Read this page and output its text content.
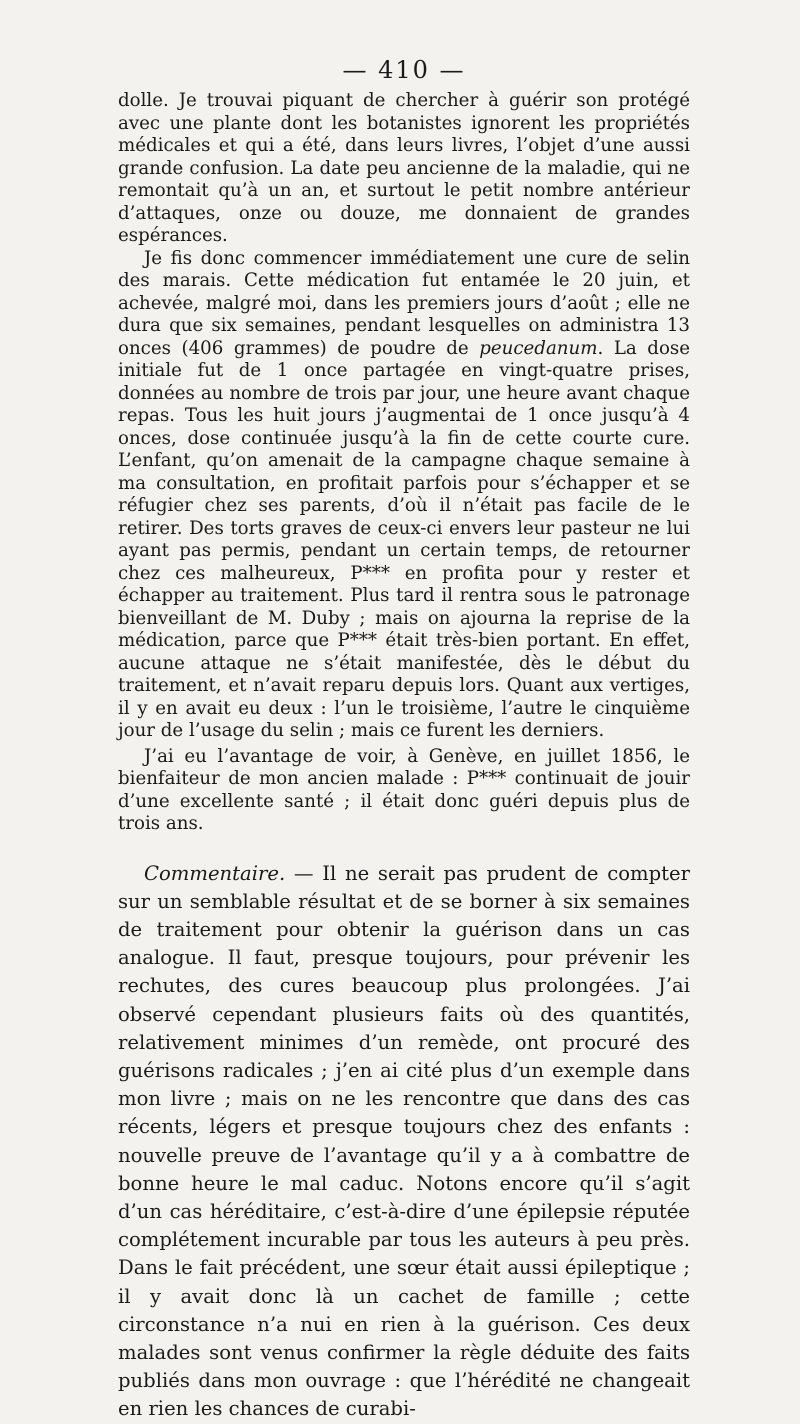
— 410 —

dolle. Je trouvai piquant de chercher à guérir son protégé avec une plante dont les botanistes ignorent les propriétés médicales et qui a été, dans leurs livres, l’objet d’une aussi grande confusion. La date peu ancienne de la maladie, qui ne remontait qu’à un an, et surtout le petit nombre antérieur d’attaques, onze ou douze, me donnaient de grandes espérances.

Je fis donc commencer immédiatement une cure de selin des marais. Cette médication fut entamée le 20 juin, et achevée, malgré moi, dans les premiers jours d’août ; elle ne dura que six semaines, pendant lesquelles on administra 13 onces (406 grammes) de poudre de peucedanum. La dose initiale fut de 1 once partagée en vingt-quatre prises, données au nombre de trois par jour, une heure avant chaque repas. Tous les huit jours j’augmentai de 1 once jusqu’à 4 onces, dose continuée jusqu’à la fin de cette courte cure. L’enfant, qu’on amenait de la campagne chaque semaine à ma consultation, en profitait parfois pour s’échapper et se réfugier chez ses parents, d’où il n’était pas facile de le retirer. Des torts graves de ceux-ci envers leur pasteur ne lui ayant pas permis, pendant un certain temps, de retourner chez ces malheureux, P*** en profita pour y rester et échapper au traitement. Plus tard il rentra sous le patronage bienveillant de M. Duby ; mais on ajourna la reprise de la médication, parce que P*** était très-bien portant. En effet, aucune attaque ne s’était manifestée, dès le début du traitement, et n’avait reparu depuis lors. Quant aux vertiges, il y en avait eu deux : l’un le troisième, l’autre le cinquième jour de l’usage du selin ; mais ce furent les derniers.

J’ai eu l’avantage de voir, à Genève, en juillet 1856, le bienfaiteur de mon ancien malade : P*** continuait de jouir d’une excellente santé ; il était donc guéri depuis plus de trois ans.

Commentaire. — Il ne serait pas prudent de compter sur un semblable résultat et de se borner à six semaines de traitement pour obtenir la guérison dans un cas analogue. Il faut, presque toujours, pour prévenir les rechutes, des cures beaucoup plus prolongées. J’ai observé cependant plusieurs faits où des quantités, relativement minimes d’un remède, ont procuré des guérisons radicales ; j’en ai cité plus d’un exemple dans mon livre ; mais on ne les rencontre que dans des cas récents, légers et presque toujours chez des enfants : nouvelle preuve de l’avantage qu’il y a à combattre de bonne heure le mal caduc. Notons encore qu’il s’agit d’un cas héréditaire, c’est-à-dire d’une épilepsie réputée complétement incurable par tous les auteurs à peu près. Dans le fait précédent, une sœur était aussi épileptique ; il y avait donc là un cachet de famille ; cette circonstance n’a nui en rien à la guérison. Ces deux malades sont venus confirmer la règle déduite des faits publiés dans mon ouvrage : que l’hérédité ne changeait en rien les chances de curabi-
